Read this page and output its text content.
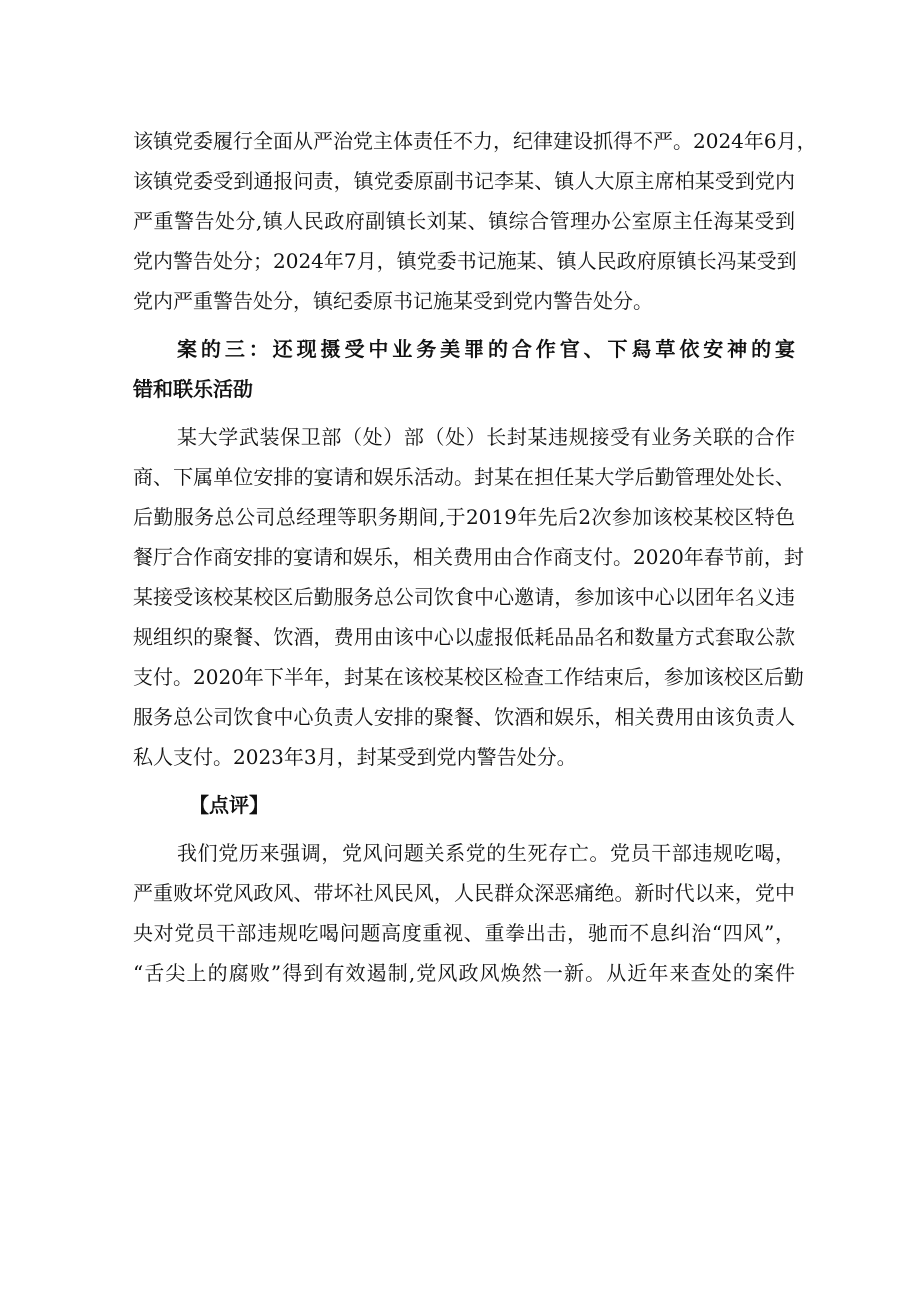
该镇党委履行全面从严治党主体责任不力，纪律建设抓得不严。2024年6月，
该镇党委受到通报问责，镇党委原副书记李某、镇人大原主席柏某受到党内
严重警告处分,镇人民政府副镇长刘某、镇综合管理办公室原主任海某受到
党内警告处分；2024年7月，镇党委书记施某、镇人民政府原镇长冯某受到
党内严重警告处分，镇纪委原书记施某受到党内警告处分。
案的三：还现摄受中业务美罪的合作官、下舄草依安神的宴
错和联乐活劭
某大学武装保卫部（处）部（处）长封某违规接受有业务关联的合作
商、下属单位安排的宴请和娱乐活动。封某在担任某大学后勤管理处处长、
后勤服务总公司总经理等职务期间,于2019年先后2次参加该校某校区特色
餐厅合作商安排的宴请和娱乐，相关费用由合作商支付。2020年春节前，封
某接受该校某校区后勤服务总公司饮食中心邀请，参加该中心以团年名义违
规组织的聚餐、饮酒，费用由该中心以虚报低耗品品名和数量方式套取公款
支付。2020年下半年，封某在该校某校区检查工作结束后，参加该校区后勤
服务总公司饮食中心负责人安排的聚餐、饮酒和娱乐，相关费用由该负责人
私人支付。2023年3月，封某受到党内警告处分。
【点评】
我们党历来强调，党风问题关系党的生死存亡。党员干部违规吃喝，
严重败坏党风政风、带坏社风民风，人民群众深恶痛绝。新时代以来，党中
央对党员干部违规吃喝问题高度重视、重拳出击，驰而不息纠治“四风”，
“舌尖上的腐败”得到有效遏制,党风政风焕然一新。从近年来查处的案件
